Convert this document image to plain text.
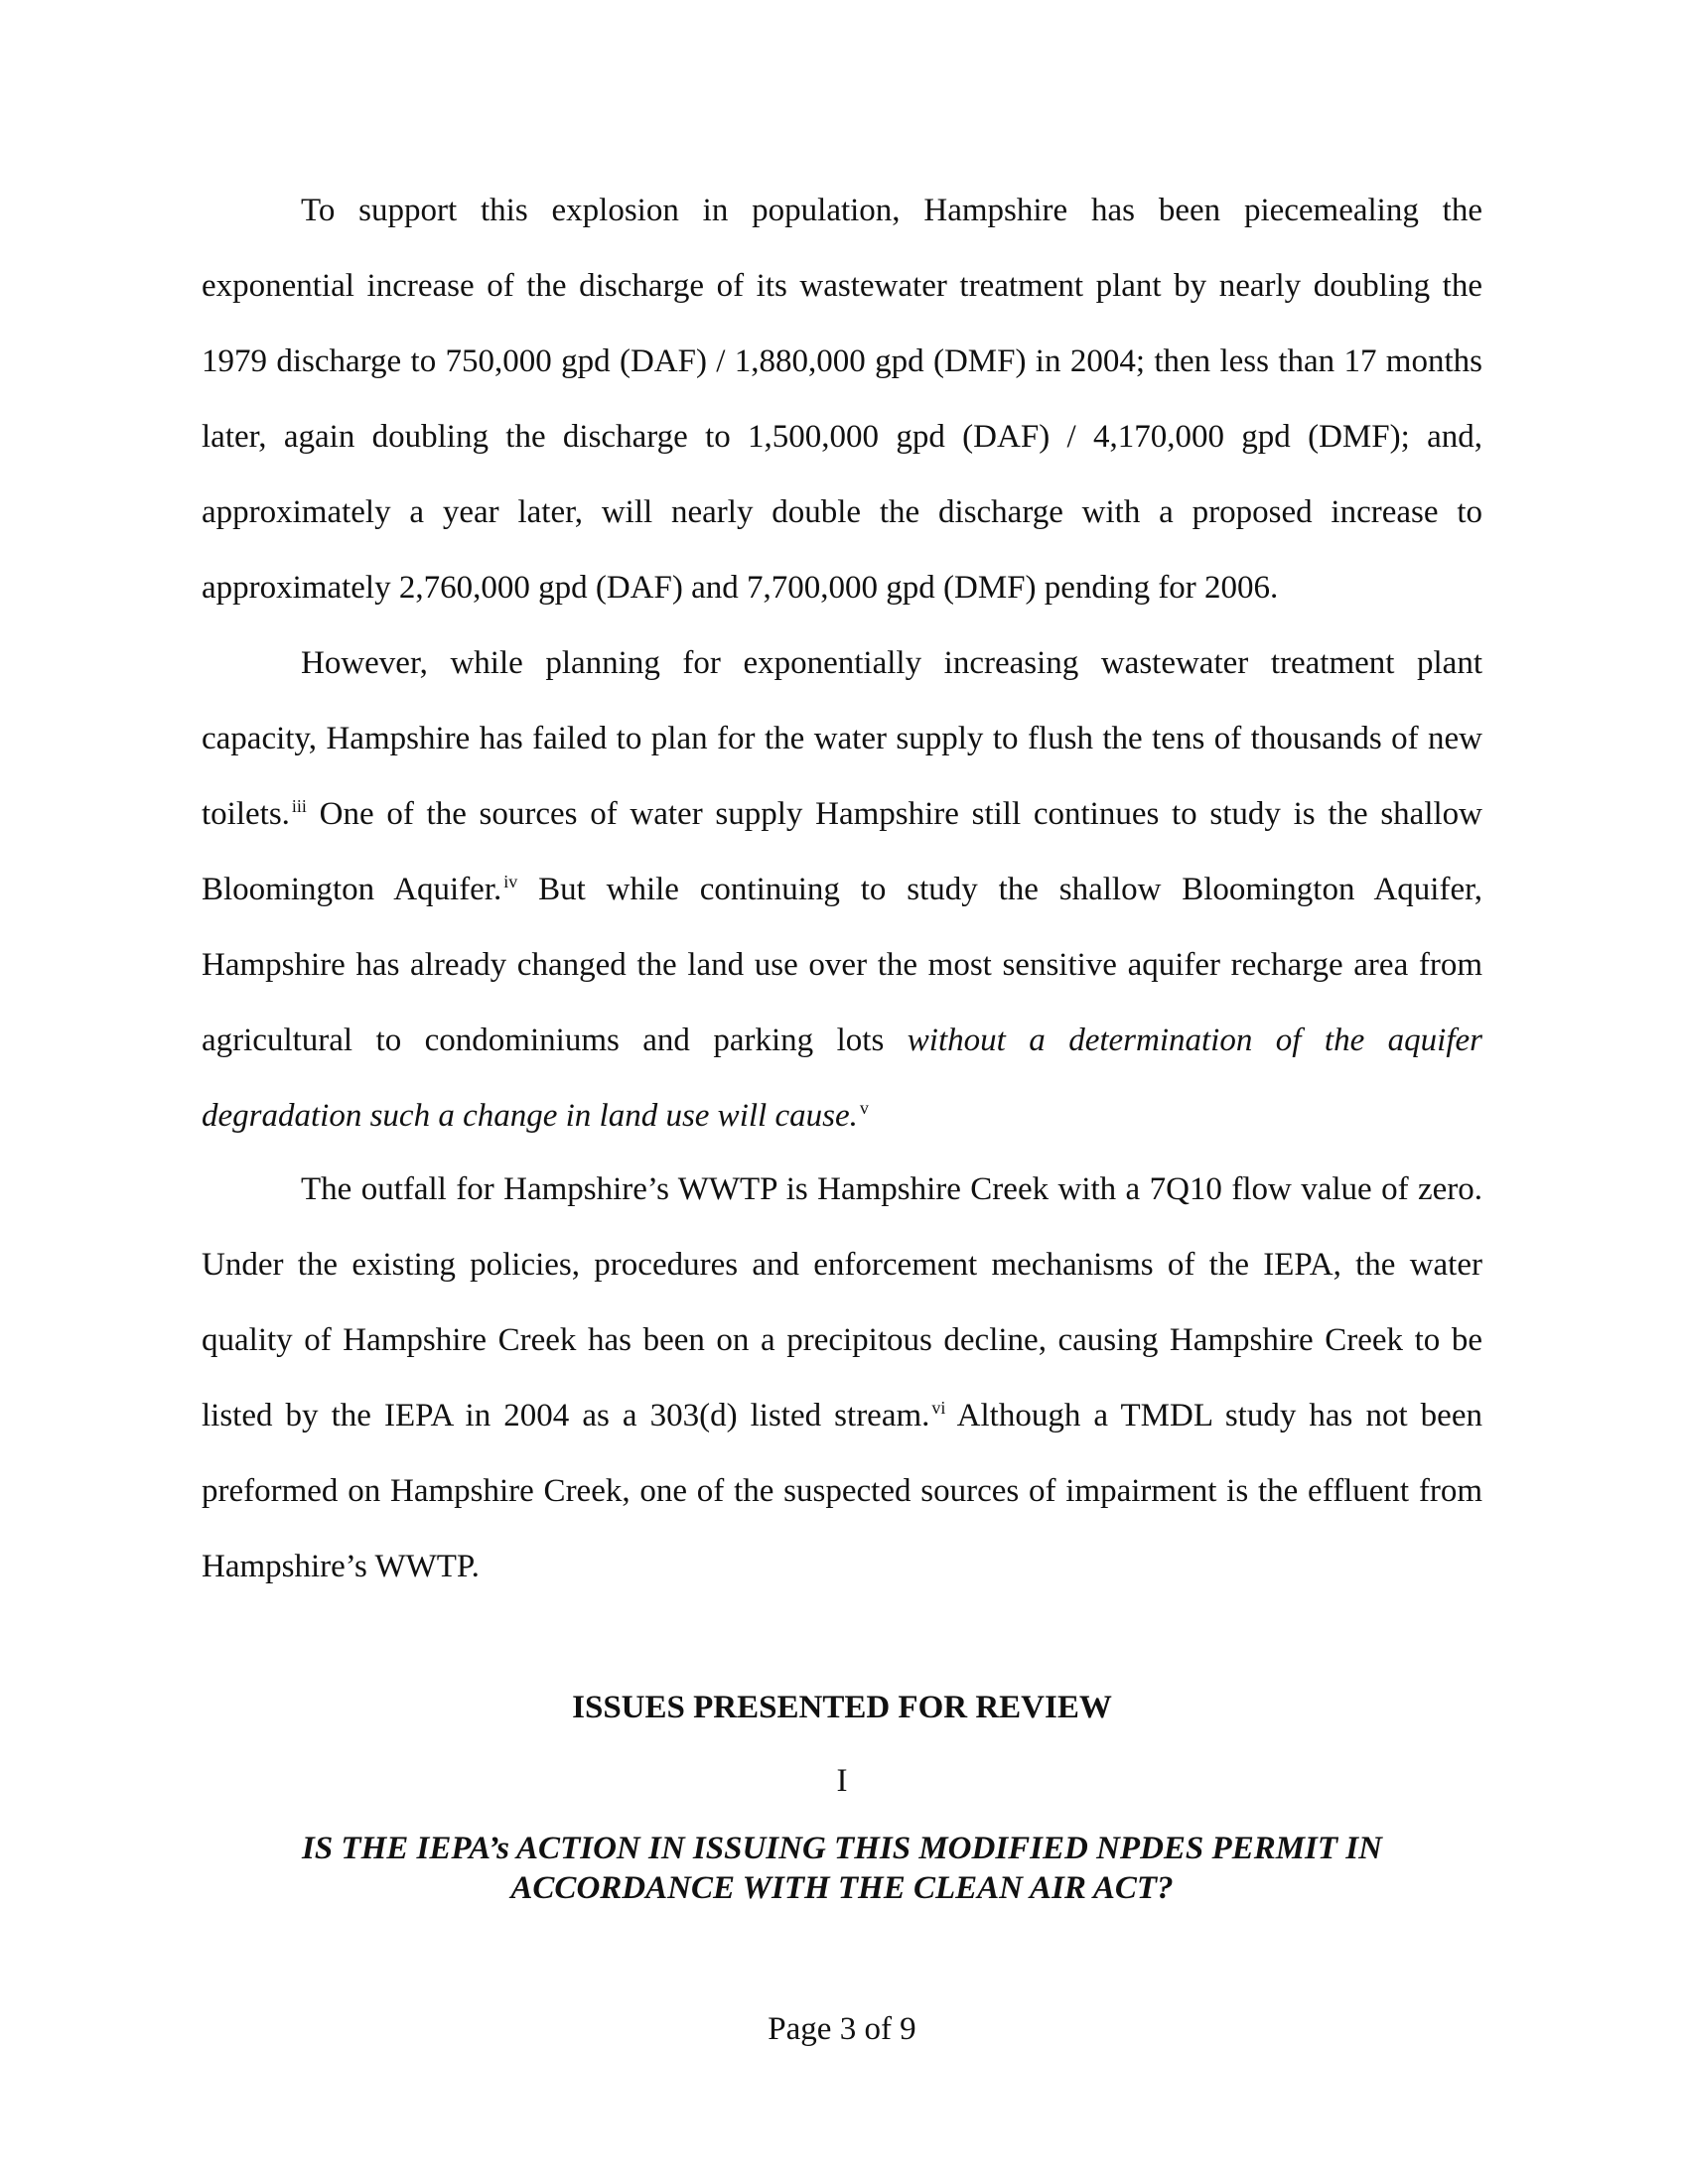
To support this explosion in population, Hampshire has been piecemealing the exponential increase of the discharge of its wastewater treatment plant by nearly doubling the 1979 discharge to 750,000 gpd (DAF) / 1,880,000 gpd (DMF) in 2004; then less than 17 months later, again doubling the discharge to 1,500,000 gpd (DAF) / 4,170,000 gpd (DMF); and, approximately a year later, will nearly double the discharge with a proposed increase to approximately 2,760,000 gpd (DAF) and 7,700,000 gpd (DMF) pending for 2006.

However, while planning for exponentially increasing wastewater treatment plant capacity, Hampshire has failed to plan for the water supply to flush the tens of thousands of new toilets. $^{iii}$ One of the sources of water supply Hampshire still continues to study is the shallow Bloomington Aquifer. $^{iv}$ But while continuing to study the shallow Bloomington Aquifer, Hampshire has already changed the land use over the most sensitive aquifer recharge area from agricultural to condominiums and parking lots without a determination of the aquifer degradation such a change in land use will cause. $^v$

The outfall for Hampshire’s WWTP is Hampshire Creek with a 7Q10 flow value of zero. Under the existing policies, procedures and enforcement mechanisms of the IEPA, the water quality of Hampshire Creek has been on a precipitous decline, causing Hampshire Creek to be listed by the IEPA in 2004 as a 303(d) listed stream. $^{vi}$ Although a TMDL study has not been preformed on Hampshire Creek, one of the suspected sources of impairment is the effluent from Hampshire’s WWTP.

ISSUES PRESENTED FOR REVIEW

I

IS THE IEPA’s ACTION IN ISSUING THIS MODIFIED NPDES PERMIT IN
ACCORDANCE WITH THE CLEAN AIR ACT?

Page 3 of 9
